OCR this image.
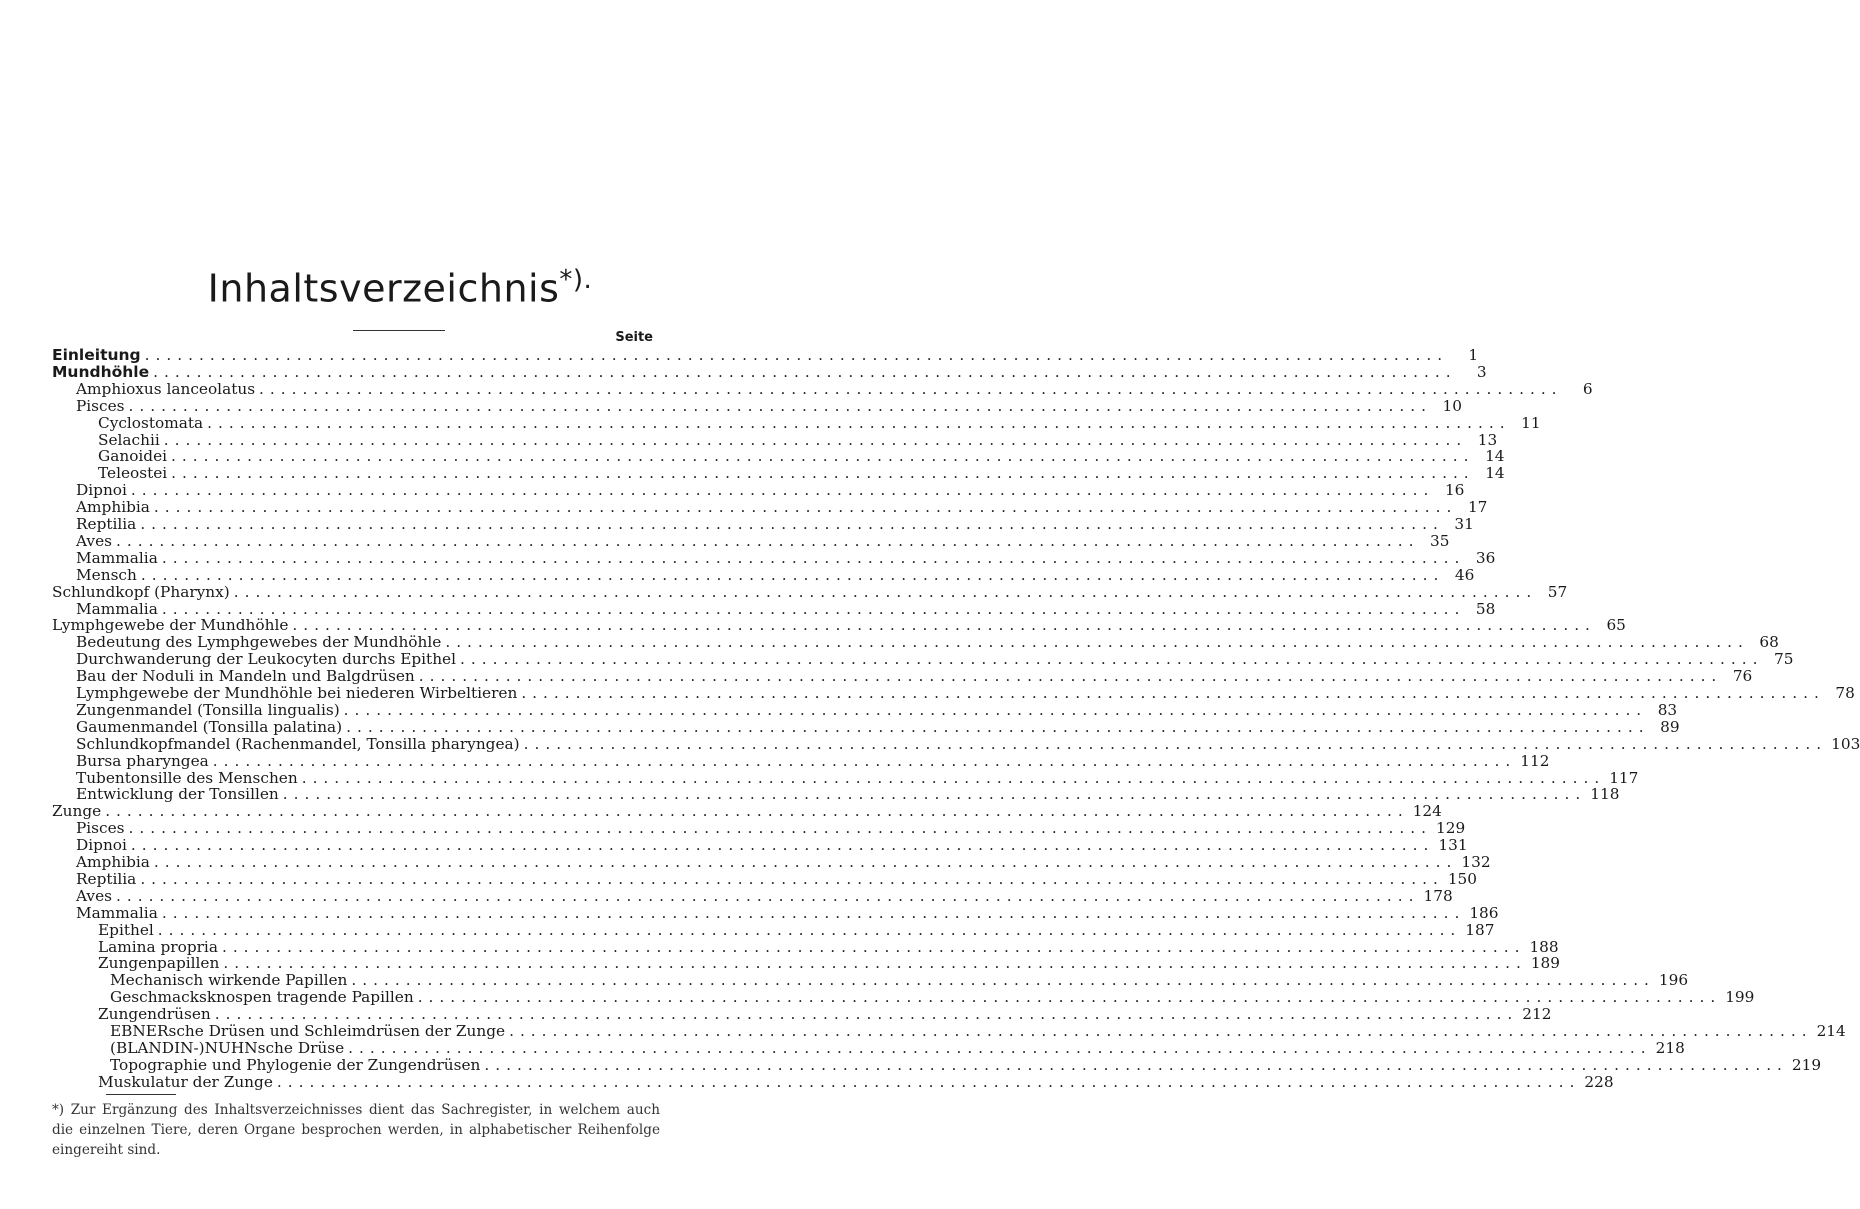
Inhaltsverzeichnis*).
Seite
Einleitung ........................................................................................................................	1
Mundhöhle ........................................................................................................................	3
Amphioxus lanceolatus ........................................................................................................................	6
Pisces ........................................................................................................................ 10
Cyclostomata ........................................................................................................................ 11
Selachii ........................................................................................................................ 13
Ganoidei ........................................................................................................................ 14
Teleostei ........................................................................................................................ 14
Dipnoi ........................................................................................................................ 16
Amphibia ........................................................................................................................ 17
Reptilia ........................................................................................................................ 31
Aves ........................................................................................................................ 35
Mammalia ........................................................................................................................ 36
Mensch ........................................................................................................................ 46
Schlundkopf (Pharynx) ........................................................................................................................ 57
Mammalia ........................................................................................................................ 58
Lymphgewebe der Mundhöhle ........................................................................................................................ 65
Bedeutung des Lymphgewebes der Mundhöhle ........................................................................................................................ 68
Durchwanderung der Leukocyten durchs Epithel ........................................................................................................................ 75
Bau der Noduli in Mandeln und Balgdrüsen ........................................................................................................................ 76
Lymphgewebe der Mundhöhle bei niederen Wirbeltieren ........................................................................................................................ 78
Zungenmandel (Tonsilla lingualis) ........................................................................................................................ 83
Gaumenmandel (Tonsilla palatina) ........................................................................................................................ 89
Schlundkopfmandel (Rachenmandel, Tonsilla pharyngea) ........................................................................................................................ 103
Bursa pharyngea ........................................................................................................................ 112
Tubentonsille des Menschen ........................................................................................................................ 117
Entwicklung der Tonsillen ........................................................................................................................ 118
Zunge ........................................................................................................................ 124
Pisces ........................................................................................................................ 129
Dipnoi ........................................................................................................................ 131
Amphibia ........................................................................................................................ 132
Reptilia ........................................................................................................................ 150
Aves ........................................................................................................................ 178
Mammalia ........................................................................................................................ 186
Epithel ........................................................................................................................ 187
Lamina propria ........................................................................................................................ 188
Zungenpapillen ........................................................................................................................ 189
Mechanisch wirkende Papillen ........................................................................................................................ 196
Geschmacksknospen tragende Papillen ........................................................................................................................ 199
Zungendrüsen ........................................................................................................................ 212
EBNERsche Drüsen und Schleimdrüsen der Zunge ........................................................................................................................ 214
(BLANDIN-)NUHNsche Drüse ........................................................................................................................ 218
Topographie und Phylogenie der Zungendrüsen ........................................................................................................................ 219
Muskulatur der Zunge ........................................................................................................................ 228
*) Zur Ergänzung des Inhaltsverzeichnisses dient das Sachregister, in welchem auch die einzelnen Tiere, deren Organe besprochen werden, in alphabetischer Reihenfolge eingereiht sind.
